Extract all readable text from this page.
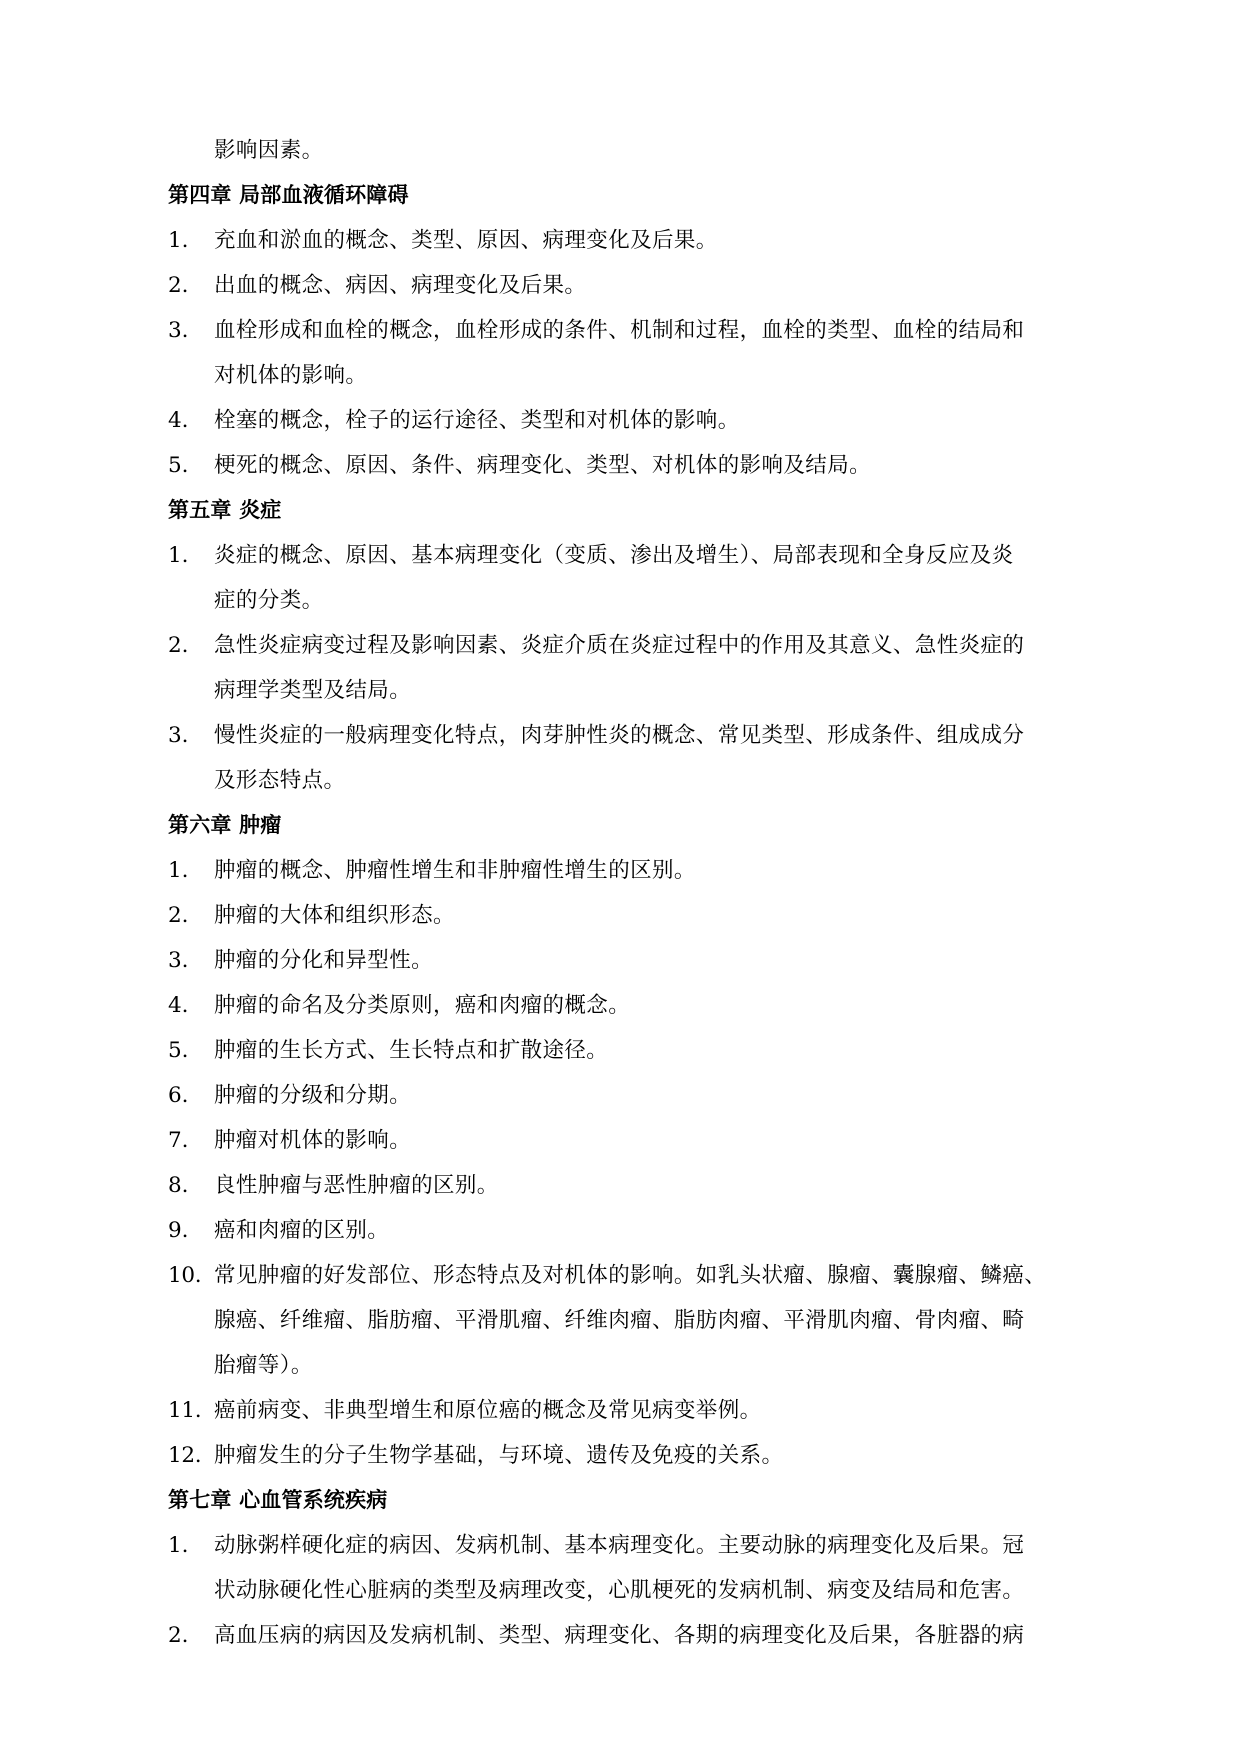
影响因素。
第四章 局部血液循环障碍
1.	充血和淤血的概念、类型、原因、病理变化及后果。
2.	出血的概念、病因、病理变化及后果。
3.	血栓形成和血栓的概念，血栓形成的条件、机制和过程，血栓的类型、血栓的结局和
对机体的影响。
4.	栓塞的概念，栓子的运行途径、类型和对机体的影响。
5.	梗死的概念、原因、条件、病理变化、类型、对机体的影响及结局。
第五章 炎症
1.	炎症的概念、原因、基本病理变化（变质、渗出及增生）、局部表现和全身反应及炎
症的分类。
2.	急性炎症病变过程及影响因素、炎症介质在炎症过程中的作用及其意义、急性炎症的
病理学类型及结局。
3.	慢性炎症的一般病理变化特点，肉芽肿性炎的概念、常见类型、形成条件、组成成分
及形态特点。
第六章 肿瘤
1.	肿瘤的概念、肿瘤性增生和非肿瘤性增生的区别。
2.	肿瘤的大体和组织形态。
3.	肿瘤的分化和异型性。
4.	肿瘤的命名及分类原则，癌和肉瘤的概念。
5.	肿瘤的生长方式、生长特点和扩散途径。
6.	肿瘤的分级和分期。
7.	肿瘤对机体的影响。
8.	良性肿瘤与恶性肿瘤的区别。
9.	癌和肉瘤的区别。
10. 常见肿瘤的好发部位、形态特点及对机体的影响。如乳头状瘤、腺瘤、囊腺瘤、鳞癌、
腺癌、纤维瘤、脂肪瘤、平滑肌瘤、纤维肉瘤、脂肪肉瘤、平滑肌肉瘤、骨肉瘤、畸
胎瘤等）。
11. 癌前病变、非典型增生和原位癌的概念及常见病变举例。
12. 肿瘤发生的分子生物学基础，与环境、遗传及免疫的关系。
第七章 心血管系统疾病
1.	动脉粥样硬化症的病因、发病机制、基本病理变化。主要动脉的病理变化及后果。冠
状动脉硬化性心脏病的类型及病理改变，心肌梗死的发病机制、病变及结局和危害。
2.	高血压病的病因及发病机制、类型、病理变化、各期的病理变化及后果，各脏器的病
